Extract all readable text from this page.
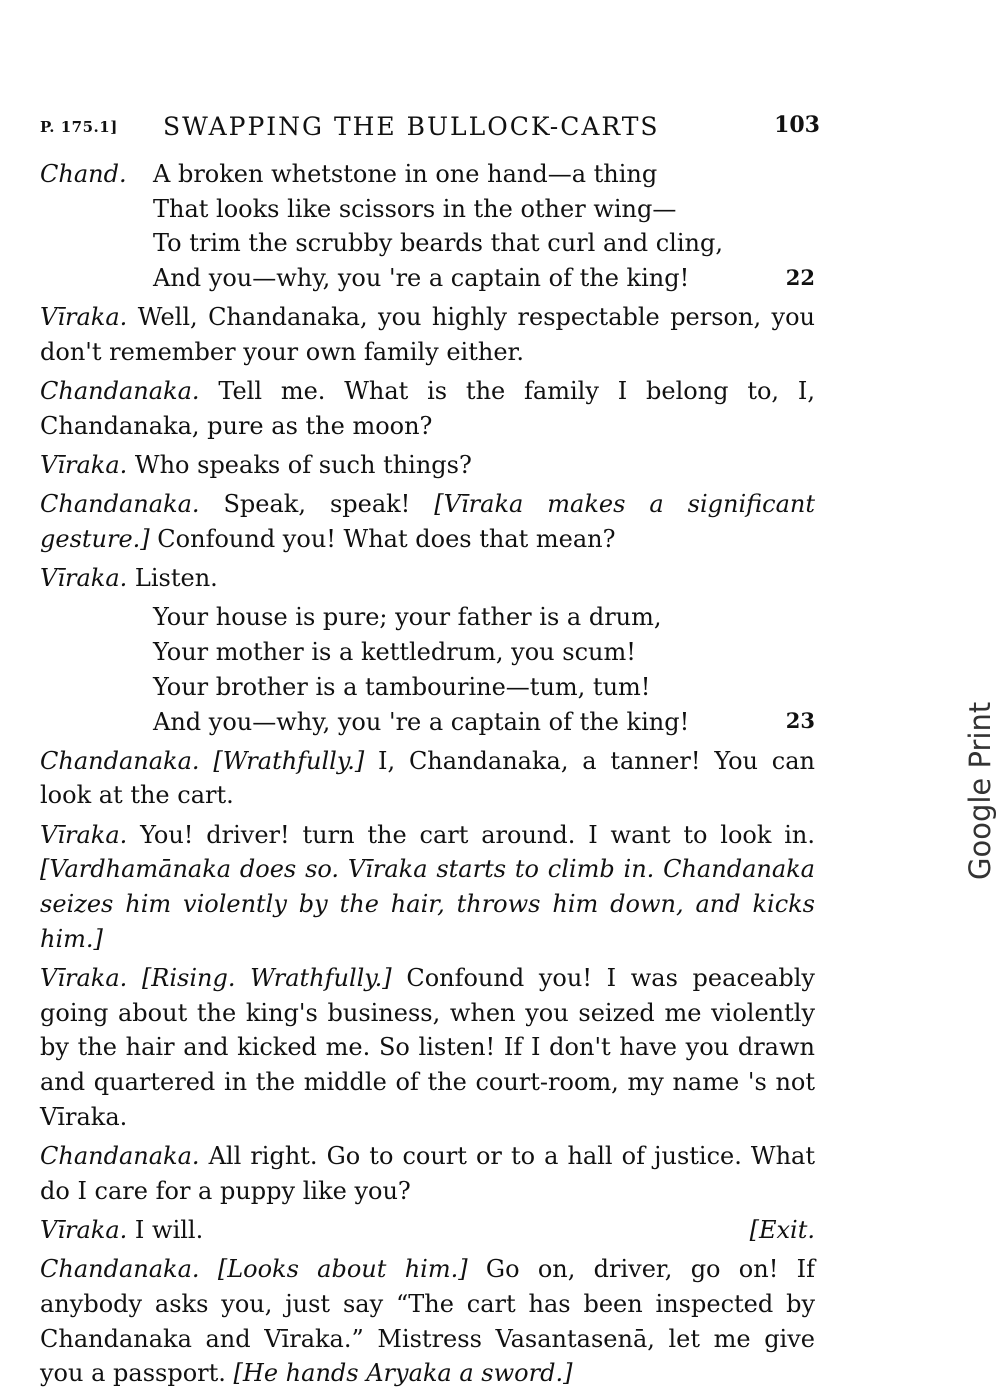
P. 175.1] SWAPPING THE BULLOCK-CARTS	103
Chand.	A broken whetstone in one hand—a thing
That looks like scissors in the other wing—
To trim the scrubby beards that curl and cling,
And you—why, you 're a captain of the king!	22

Vīraka. Well, Chandanaka, you highly respectable person, you don't remember your own family either.

Chandanaka. Tell me. What is the family I belong to, I, Chandanaka, pure as the moon?

Vīraka. Who speaks of such things?

Chandanaka. Speak, speak! [Vīraka makes a significant gesture.] Confound you! What does that mean?

Vīraka. Listen.

Your house is pure; your father is a drum,
Your mother is a kettledrum, you scum!
Your brother is a tambourine—tum, tum!
And you—why, you 're a captain of the king!	23

Chandanaka. [Wrathfully.] I, Chandanaka, a tanner! You can look at the cart.

Vīraka. You! driver! turn the cart around. I want to look in. [Vardhamānaka does so. Vīraka starts to climb in. Chandanaka seizes him violently by the hair, throws him down, and kicks him.]

Vīraka. [Rising. Wrathfully.] Confound you! I was peaceably going about the king's business, when you seized me violently by the hair and kicked me. So listen! If I don't have you drawn and quartered in the middle of the court-room, my name 's not Vīraka.

Chandanaka. All right. Go to court or to a hall of justice. What do I care for a puppy like you?

Vīraka. I will.	[Exit.

Chandanaka. [Looks about him.] Go on, driver, go on! If anybody asks you, just say “The cart has been inspected by Chandanaka and Vīraka.” Mistress Vasantasenā, let me give you a passport. [He hands Aryaka a sword.]

Google Print
